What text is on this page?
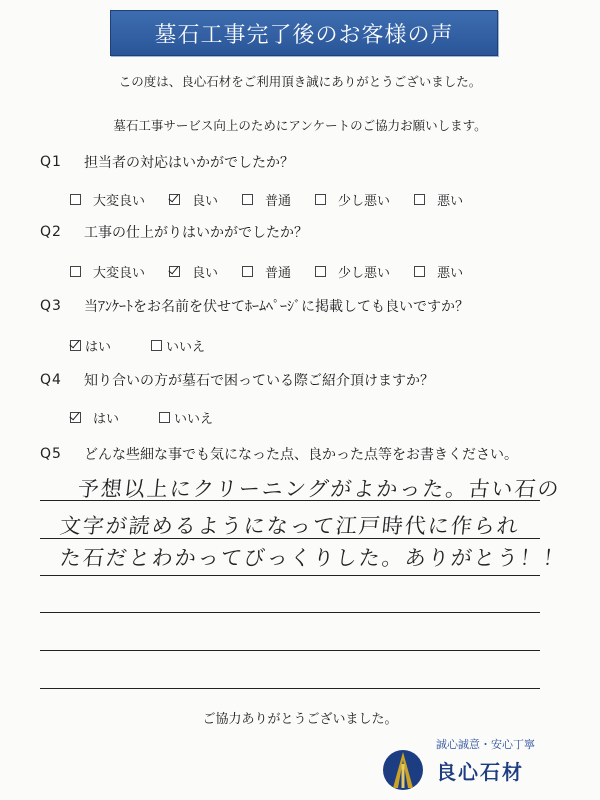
墓石工事完了後のお客様の声
この度は、良心石材をご利用頂き誠にありがとうございました。
墓石工事サービス向上のためにアンケートのご協力お願いします。
Q1	担当者の対応はいかがでしたか？
大変良い	良い	普通	少し悪い	悪い
Q2	工事の仕上がりはいかがでしたか？
大変良い	良い	普通	少し悪い	悪い
Q3	当ｱﾝｹｰﾄをお名前を伏せてﾎｰﾑﾍﾟｰｼﾞに掲載しても良いですか？
はい	いいえ
Q4	知り合いの方が墓石で困っている際ご紹介頂けますか？
はい	いいえ
Q5	どんな些細な事でも気になった点、良かった点等をお書きください。
予想以上にクリーニングがよかった。古い石の
文字が読めるようになって江戸時代に作られ
た石だとわかってびっくりした。ありがとう！！
ご協力ありがとうございました。
誠心誠意・安心丁寧
良心石材
